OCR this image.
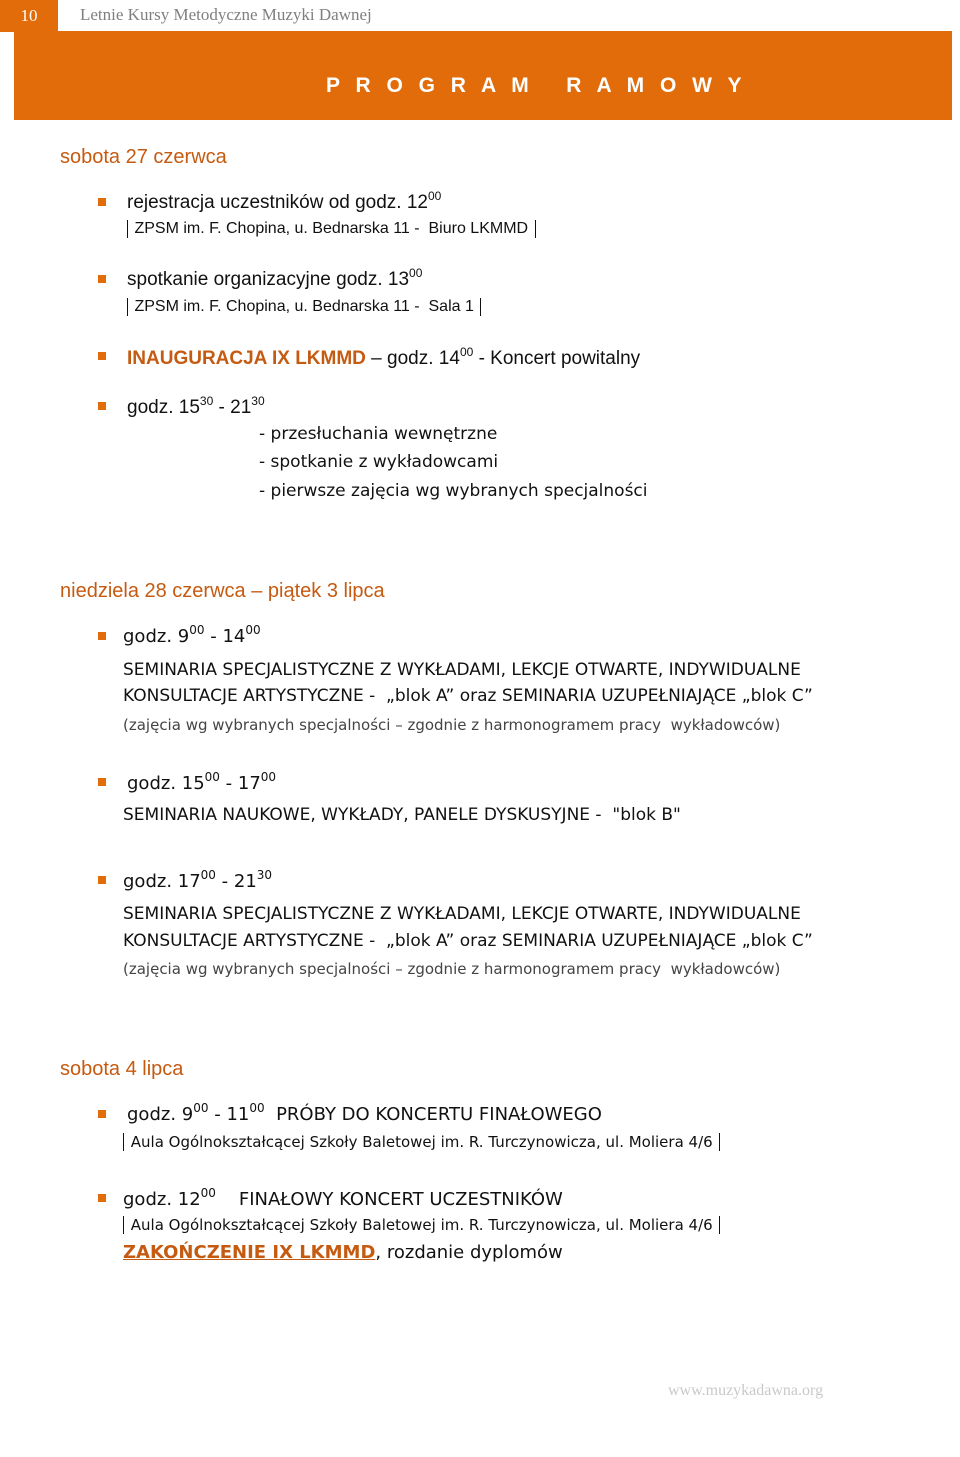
10	Letnie Kursy Metodyczne Muzyki Dawnej
P R O G R A M   R A M O W Y
sobota 27 czerwca
rejestracja uczestników od godz. $12^{00}$
ZPSM im. F. Chopina, u. Bednarska 11 -  Biuro LKMMD
spotkanie organizacyjne godz. $13^{00}$
ZPSM im. F. Chopina, u. Bednarska 11 -  Sala 1
INAUGURACJA IX LKMMD – godz. $14^{00}$ - Koncert powitalny
godz. $15^{30} - 21^{30}$
- przesłuchania wewnętrzne
- spotkanie z wykładowcami
- pierwsze zajęcia wg wybranych specjalności
niedziela 28 czerwca – piątek 3 lipca
godz. $9^{00} - 14^{00}$
SEMINARIA SPECJALISTYCZNE Z WYKŁADAMI, LEKCJE OTWARTE, INDYWIDUALNE
KONSULTACJE ARTYSTYCZNE -  „blok A” oraz SEMINARIA UZUPEŁNIAJĄCE „blok C”
(zajęcia wg wybranych specjalności – zgodnie z harmonogramem pracy  wykładowców)
godz. $15^{00} - 17^{00}$
SEMINARIA NAUKOWE, WYKŁADY, PANELE DYSKUSYJNE -  "blok B"
godz. $17^{00} - 21^{30}$
SEMINARIA SPECJALISTYCZNE Z WYKŁADAMI, LEKCJE OTWARTE, INDYWIDUALNE
KONSULTACJE ARTYSTYCZNE -  „blok A” oraz SEMINARIA UZUPEŁNIAJĄCE „blok C”
(zajęcia wg wybranych specjalności – zgodnie z harmonogramem pracy  wykładowców)
sobota 4 lipca
godz. $9^{00} - 11^{00}$  PRÓBY DO KONCERTU FINAŁOWEGO
Aula Ogólnokształcącej Szkoły Baletowej im. R. Turczynowicza, ul. Moliera 4/6
godz. $12^{00}$    FINAŁOWY KONCERT UCZESTNIKÓW
Aula Ogólnokształcącej Szkoły Baletowej im. R. Turczynowicza, ul. Moliera 4/6
ZAKOŃCZENIE IX LKMMD, rozdanie dyplomów
www.muzykadawna.org
